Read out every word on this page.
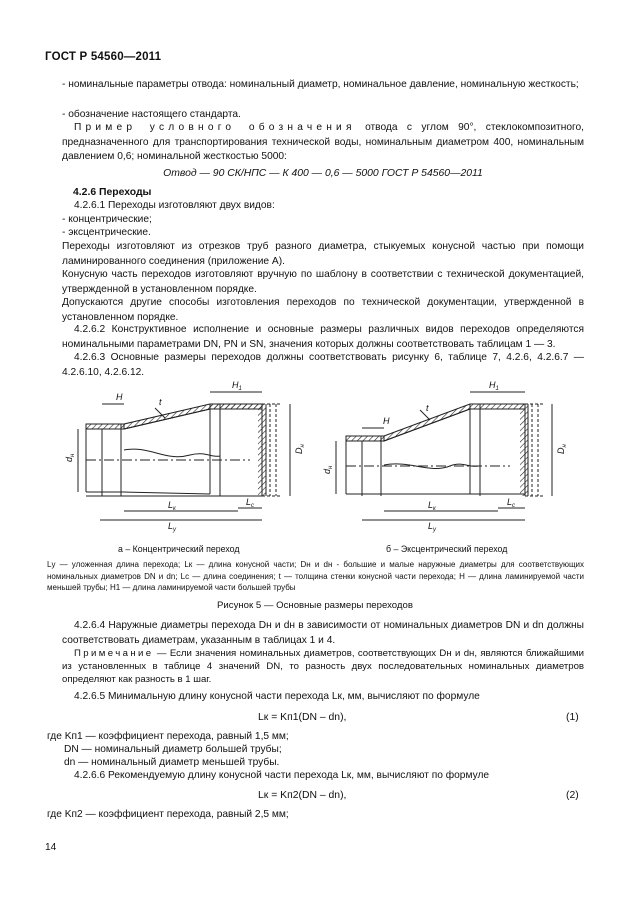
ГОСТ Р 54560—2011
- номинальные параметры отвода: номинальный диаметр, номинальное давление, номинальную жесткость;
- обозначение настоящего стандарта.
Пример условного обозначения отвода с углом 90°, стеклокомпозитного, предназначенного для транспортирования технической воды, номинальным диаметром 400, номинальным давлением 0,6; номинальной жесткостью 5000:
Отвод — 90 СК/НПС — К 400 — 0,6 — 5000 ГОСТ Р 54560—2011
4.2.6 Переходы
4.2.6.1 Переходы изготовляют двух видов:
- концентрические;
- эксцентрические.
Переходы изготовляют из отрезков труб разного диаметра, стыкуемых конусной частью при помощи ламинированного соединения (приложение А).
Конусную часть переходов изготовляют вручную по шаблону в соответствии с технической документацией, утвержденной в установленном порядке.
Допускаются другие способы изготовления переходов по технической документации, утвержденной в установленном порядке.
4.2.6.2 Конструктивное исполнение и основные размеры различных видов переходов определяются номинальными параметрами DN, PN и SN, значения которых должны соответствовать таблицам 1 — 3.
4.2.6.3 Основные размеры переходов должны соответствовать рисунку 6, таблице 7, 4.2.6, 4.2.6.7 — 4.2.6.10, 4.2.6.12.
H	t
$H_1$
$d_н$
$D_н$
$L_к$
$L_у$
$L_с$
H
t
$H_1$
$d_н$
$D_н$
$L_к$
$L_у$
$L_с$
а – Концентрический переход	б – Эксцентрический переход
Lу — уложенная длина перехода; Lк — длина конусной части; Dн и dн - большие и малые наружные диаметры для соответствующих номинальных диаметров DN и dn; Lс — длина соединения; t — толщина стенки конусной части перехода; H — длина ламинируемой части меньшей трубы; H1 — длина ламинируемой части большей трубы
Рисунок 5 — Основные размеры переходов
4.2.6.4 Наружные диаметры перехода Dн и dн в зависимости от номинальных диаметров DN и dn должны соответствовать диаметрам, указанным в таблицах 1 и 4.
Примечание — Если значения номинальных диаметров, соответствующих Dн и dн, являются ближайшими из установленных в таблице 4 значений DN, то разность двух последовательных номинальных диаметров определяют как разность в 1 шаг.
4.2.6.5 Минимальную длину конусной части перехода Lк, мм, вычисляют по формуле
Lк = Kп1(DN – dn),	(1)
где Kп1 — коэффициент перехода, равный 1,5 мм;
DN — номинальный диаметр большей трубы;
dn — номинальный диаметр меньшей трубы.
4.2.6.6 Рекомендуемую длину конусной части перехода Lк, мм, вычисляют по формуле
Lк = Kп2(DN – dn),	(2)
где Kп2 — коэффициент перехода, равный 2,5 мм;
14
